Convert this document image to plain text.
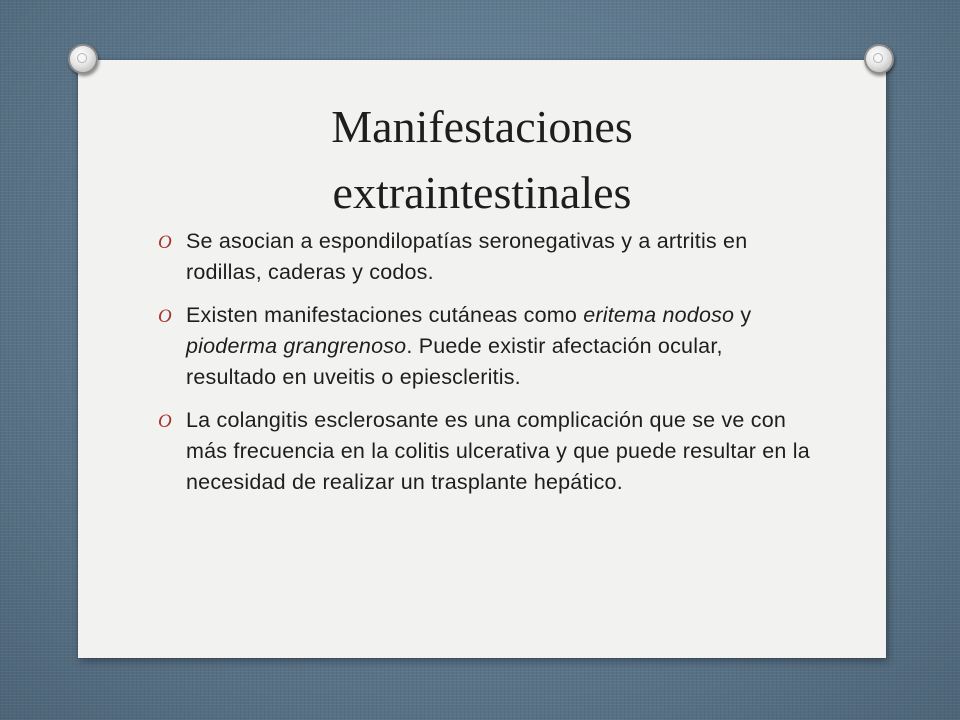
Manifestaciones
extraintestinales
O Se asocian a espondilopatías seronegativas y a artritis en rodillas, caderas y codos.
O Existen manifestaciones cutáneas como eritema nodoso y pioderma grangrenoso. Puede existir afectación ocular, resultado en uveitis o epiescleritis.
O La colangitis esclerosante es una complicación que se ve con más frecuencia en la colitis ulcerativa y que puede resultar en la necesidad de realizar un trasplante hepático.
